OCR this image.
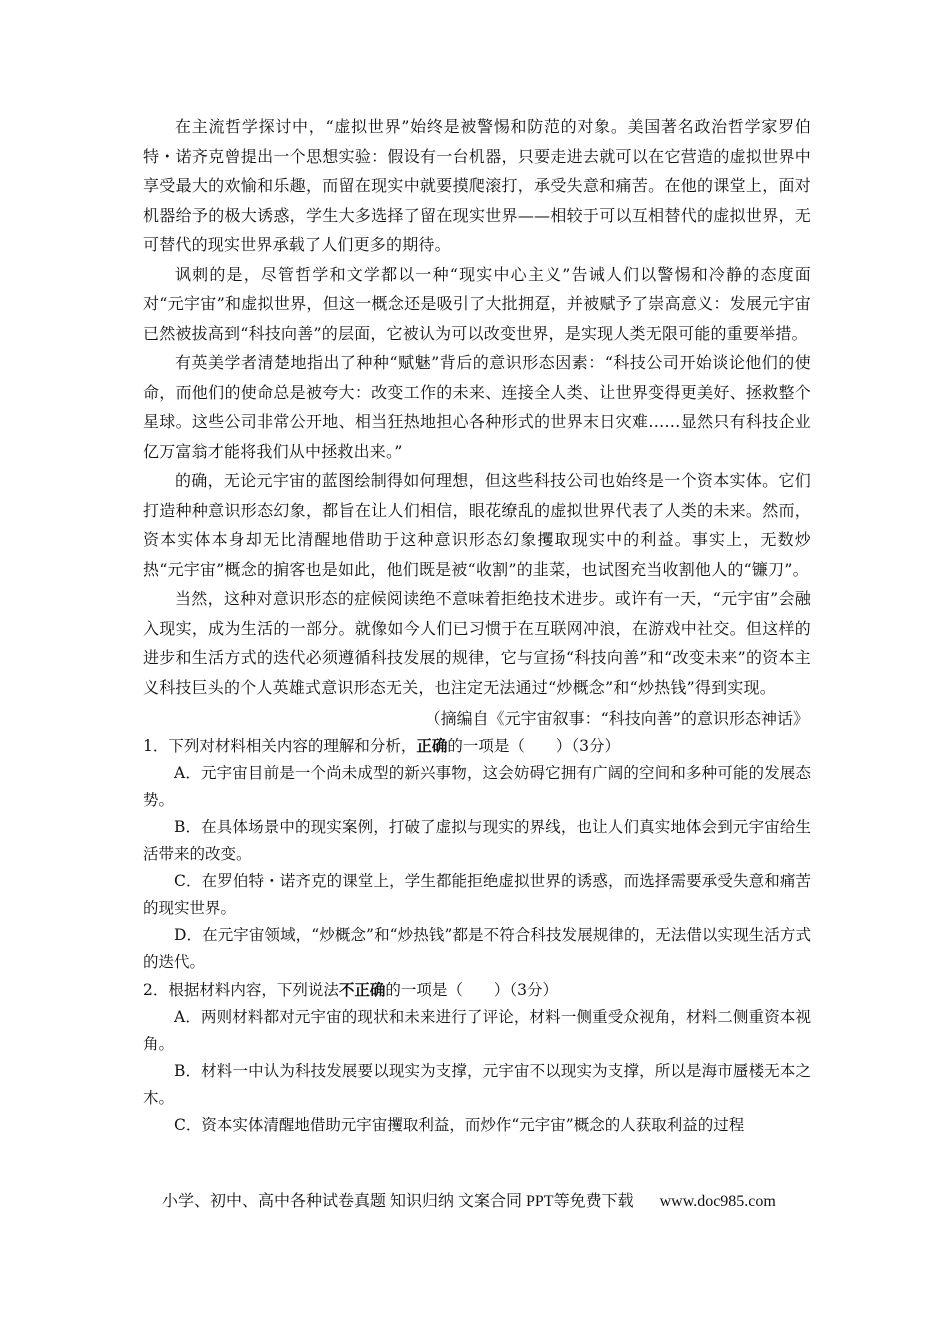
在主流哲学探讨中，“虚拟世界”始终是被警惕和防范的对象。美国著名政治哲学家罗伯特・诺齐克曾提出一个思想实验：假设有一台机器，只要走进去就可以在它营造的虚拟世界中享受最大的欢愉和乐趣，而留在现实中就要摸爬滚打，承受失意和痛苦。在他的课堂上，面对机器给予的极大诱惑，学生大多选择了留在现实世界——相较于可以互相替代的虚拟世界，无可替代的现实世界承载了人们更多的期待。

讽刺的是，尽管哲学和文学都以一种“现实中心主义”告诫人们以警惕和冷静的态度面对“元宇宙”和虚拟世界，但这一概念还是吸引了大批拥趸，并被赋予了崇高意义：发展元宇宙已然被拔高到“科技向善”的层面，它被认为可以改变世界，是实现人类无限可能的重要举措。

有英美学者清楚地指出了种种“赋魅”背后的意识形态因素：“科技公司开始谈论他们的使命，而他们的使命总是被夸大：改变工作的未来、连接全人类、让世界变得更美好、拯救整个星球。这些公司非常公开地、相当狂热地担心各种形式的世界末日灾难……显然只有科技企业亿万富翁才能将我们从中拯救出来。”

的确，无论元宇宙的蓝图绘制得如何理想，但这些科技公司也始终是一个资本实体。它们打造种种意识形态幻象，都旨在让人们相信，眼花缭乱的虚拟世界代表了人类的未来。然而，资本实体本身却无比清醒地借助于这种意识形态幻象攫取现实中的利益。事实上，无数炒热“元宇宙”概念的掮客也是如此，他们既是被“收割”的韭菜，也试图充当收割他人的“镰刀”。

当然，这种对意识形态的症候阅读绝不意味着拒绝技术进步。或许有一天，“元宇宙”会融入现实，成为生活的一部分。就像如今人们已习惯于在互联网冲浪，在游戏中社交。但这样的进步和生活方式的迭代必须遵循科技发展的规律，它与宣扬“科技向善”和“改变未来”的资本主义科技巨头的个人英雄式意识形态无关，也注定无法通过“炒概念”和“炒热钱”得到实现。

（摘编自《元宇宙叙事：“科技向善”的意识形态神话》

1．下列对材料相关内容的理解和分析，正确的一项是（　　）（3分）

A．元宇宙目前是一个尚未成型的新兴事物，这会妨碍它拥有广阔的空间和多种可能的发展态势。

B．在具体场景中的现实案例，打破了虚拟与现实的界线，也让人们真实地体会到元宇宙给生活带来的改变。

C．在罗伯特・诺齐克的课堂上，学生都能拒绝虚拟世界的诱惑，而选择需要承受失意和痛苦的现实世界。

D．在元宇宙领域，“炒概念”和“炒热钱”都是不符合科技发展规律的，无法借以实现生活方式的迭代。

2．根据材料内容，下列说法不正确的一项是（　　）（3分）

A．两则材料都对元宇宙的现状和未来进行了评论，材料一侧重受众视角，材料二侧重资本视角。

B．材料一中认为科技发展要以现实为支撑，元宇宙不以现实为支撑，所以是海市蜃楼无本之木。

C．资本实体清醒地借助元宇宙攫取利益，而炒作“元宇宙”概念的人获取利益的过程

小学、初中、高中各种试卷真题 知识归纳 文案合同 PPT等免费下载 www.doc985.com
